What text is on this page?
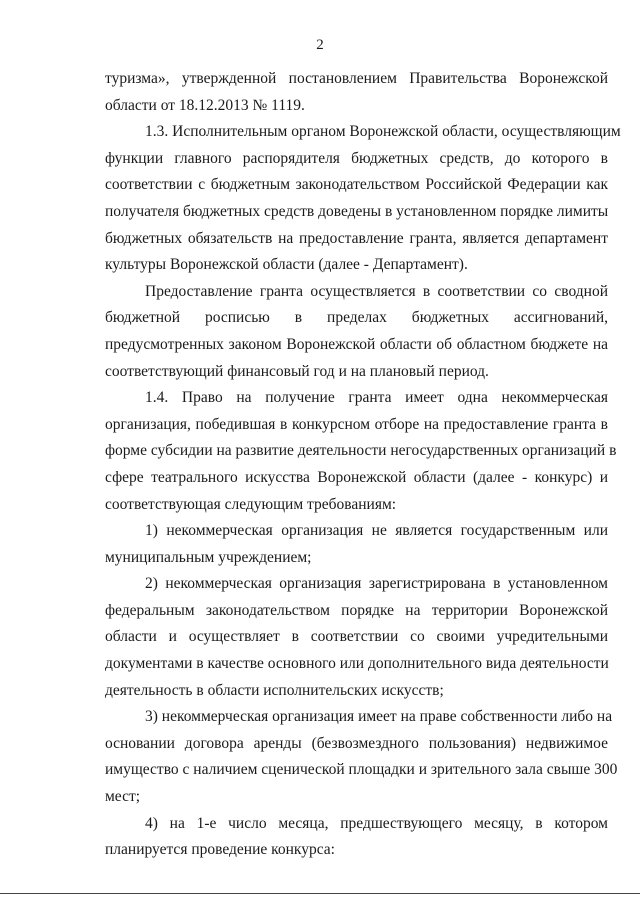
2
туризма», утвержденной постановлением Правительства Воронежской
области от 18.12.2013 № 1119.
1.3. Исполнительным органом Воронежской области, осуществляющим
функции главного распорядителя бюджетных средств, до которого в
соответствии с бюджетным законодательством Российской Федерации как
получателя бюджетных средств доведены в установленном порядке лимиты
бюджетных обязательств на предоставление гранта, является департамент
культуры Воронежской области (далее - Департамент).
Предоставление гранта осуществляется в соответствии со сводной
бюджетной росписью в пределах бюджетных ассигнований,
предусмотренных законом Воронежской области об областном бюджете на
соответствующий финансовый год и на плановый период.
1.4. Право на получение гранта имеет одна некоммерческая
организация, победившая в конкурсном отборе на предоставление гранта в
форме субсидии на развитие деятельности негосударственных организаций в
сфере театрального искусства Воронежской области (далее - конкурс) и
соответствующая следующим требованиям:
1) некоммерческая организация не является государственным или
муниципальным учреждением;
2) некоммерческая организация зарегистрирована в установленном
федеральным законодательством порядке на территории Воронежской
области и осуществляет в соответствии со своими учредительными
документами в качестве основного или дополнительного вида деятельности
деятельность в области исполнительских искусств;
3) некоммерческая организация имеет на праве собственности либо на
основании договора аренды (безвозмездного пользования) недвижимое
имущество с наличием сценической площадки и зрительного зала свыше 300
мест;
4) на 1-е число месяца, предшествующего месяцу, в котором
планируется проведение конкурса:
